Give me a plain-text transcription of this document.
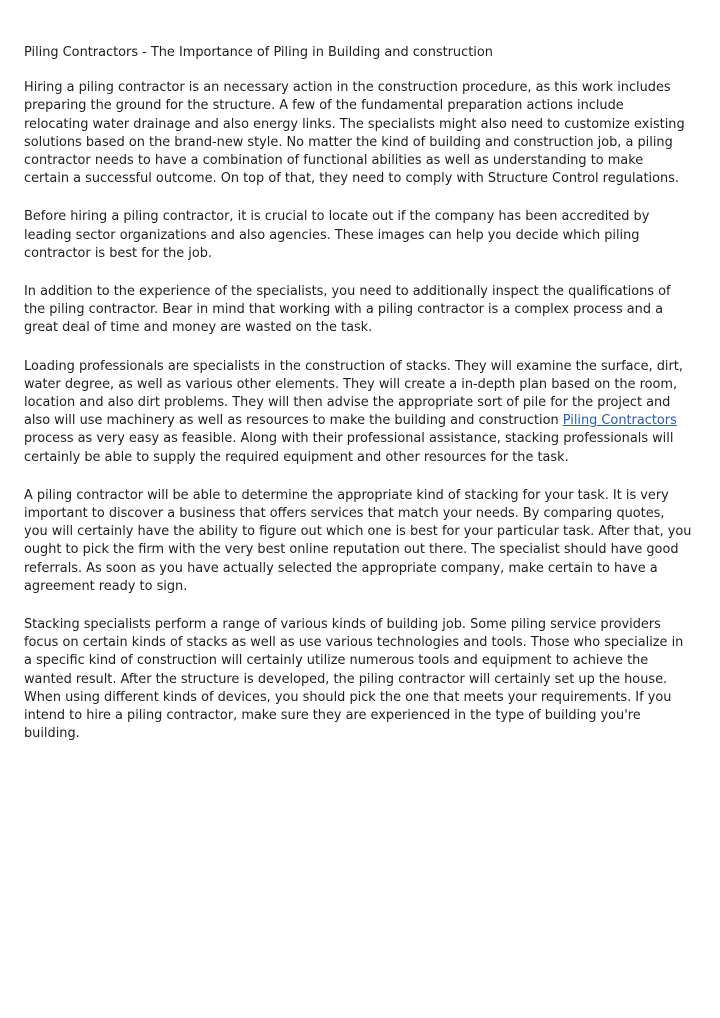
Piling Contractors - The Importance of Piling in Building and construction

Hiring a piling contractor is an necessary action in the construction procedure, as this work includes preparing the ground for the structure. A few of the fundamental preparation actions include relocating water drainage and also energy links. The specialists might also need to customize existing solutions based on the brand-new style. No matter the kind of building and construction job, a piling contractor needs to have a combination of functional abilities as well as understanding to make certain a successful outcome. On top of that, they need to comply with Structure Control regulations.

Before hiring a piling contractor, it is crucial to locate out if the company has been accredited by leading sector organizations and also agencies. These images can help you decide which piling contractor is best for the job.

In addition to the experience of the specialists, you need to additionally inspect the qualifications of the piling contractor. Bear in mind that working with a piling contractor is a complex process and a great deal of time and money are wasted on the task.

Loading professionals are specialists in the construction of stacks. They will examine the surface, dirt, water degree, as well as various other elements. They will create a in-depth plan based on the room, location and also dirt problems. They will then advise the appropriate sort of pile for the project and also will use machinery as well as resources to make the building and construction Piling Contractors process as very easy as feasible. Along with their professional assistance, stacking professionals will certainly be able to supply the required equipment and other resources for the task.

A piling contractor will be able to determine the appropriate kind of stacking for your task. It is very important to discover a business that offers services that match your needs. By comparing quotes, you will certainly have the ability to figure out which one is best for your particular task. After that, you ought to pick the firm with the very best online reputation out there. The specialist should have good referrals. As soon as you have actually selected the appropriate company, make certain to have a agreement ready to sign.

Stacking specialists perform a range of various kinds of building job. Some piling service providers focus on certain kinds of stacks as well as use various technologies and tools. Those who specialize in a specific kind of construction will certainly utilize numerous tools and equipment to achieve the wanted result. After the structure is developed, the piling contractor will certainly set up the house. When using different kinds of devices, you should pick the one that meets your requirements. If you intend to hire a piling contractor, make sure they are experienced in the type of building you're building.
